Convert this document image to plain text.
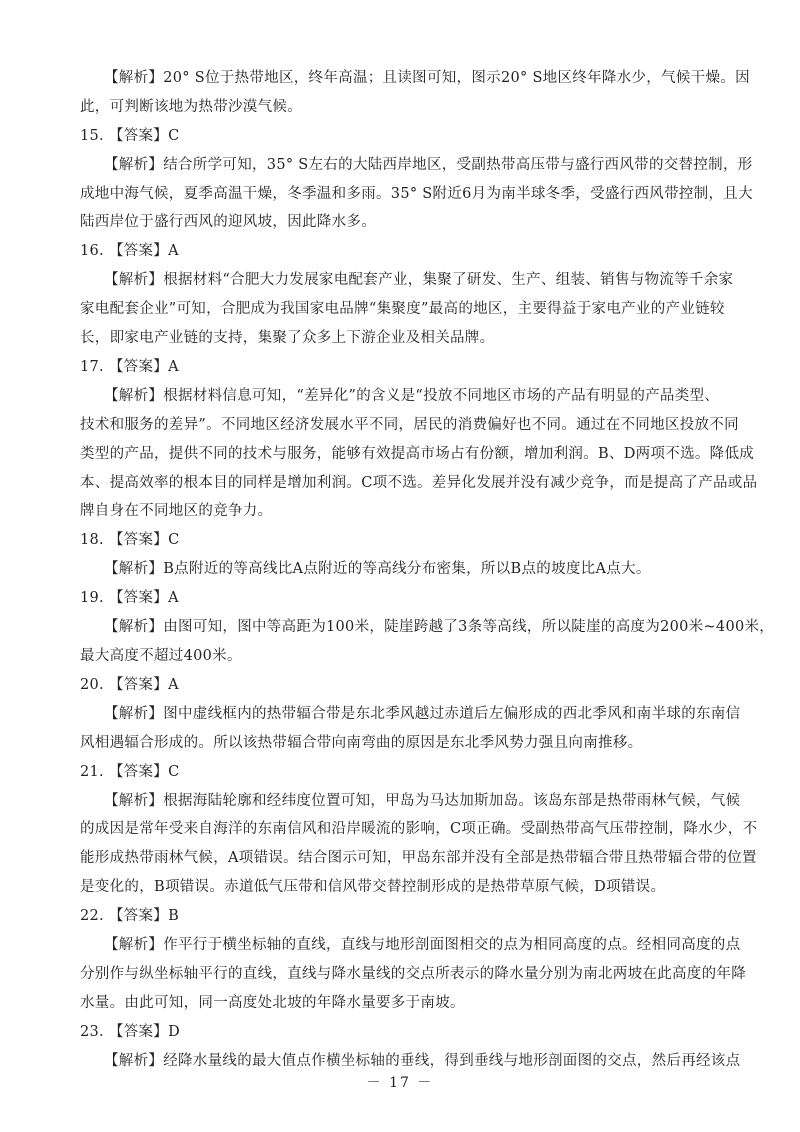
【解析】20° S位于热带地区，终年高温；且读图可知，图示20° S地区终年降水少，气候干燥。因
此，可判断该地为热带沙漠气候。
15. 【答案】C
【解析】结合所学可知，35° S左右的大陆西岸地区，受副热带高压带与盛行西风带的交替控制，形
成地中海气候，夏季高温干燥，冬季温和多雨。35° S附近6月为南半球冬季，受盛行西风带控制，且大
陆西岸位于盛行西风的迎风坡，因此降水多。
16. 【答案】A
【解析】根据材料“合肥大力发展家电配套产业，集聚了研发、生产、组装、销售与物流等千余家
家电配套企业”可知，合肥成为我国家电品牌“集聚度”最高的地区，主要得益于家电产业的产业链较
长，即家电产业链的支持，集聚了众多上下游企业及相关品牌。
17. 【答案】A
【解析】根据材料信息可知，“差异化”的含义是“投放不同地区市场的产品有明显的产品类型、
技术和服务的差异”。不同地区经济发展水平不同，居民的消费偏好也不同。通过在不同地区投放不同
类型的产品，提供不同的技术与服务，能够有效提高市场占有份额，增加利润。B、D两项不选。降低成
本、提高效率的根本目的同样是增加利润。C项不选。差异化发展并没有减少竞争，而是提高了产品或品
牌自身在不同地区的竞争力。
18. 【答案】C
【解析】B点附近的等高线比A点附近的等高线分布密集，所以B点的坡度比A点大。
19. 【答案】A
【解析】由图可知，图中等高距为100米，陡崖跨越了3条等高线，所以陡崖的高度为200米~400米，
最大高度不超过400米。
20. 【答案】A
【解析】图中虚线框内的热带辐合带是东北季风越过赤道后左偏形成的西北季风和南半球的东南信
风相遇辐合形成的。所以该热带辐合带向南弯曲的原因是东北季风势力强且向南推移。
21. 【答案】C
【解析】根据海陆轮廓和经纬度位置可知，甲岛为马达加斯加岛。该岛东部是热带雨林气候，气候
的成因是常年受来自海洋的东南信风和沿岸暖流的影响，C项正确。受副热带高气压带控制，降水少，不
能形成热带雨林气候，A项错误。结合图示可知，甲岛东部并没有全部是热带辐合带且热带辐合带的位置
是变化的，B项错误。赤道低气压带和信风带交替控制形成的是热带草原气候，D项错误。
22. 【答案】B
【解析】作平行于横坐标轴的直线，直线与地形剖面图相交的点为相同高度的点。经相同高度的点
分别作与纵坐标轴平行的直线，直线与降水量线的交点所表示的降水量分别为南北两坡在此高度的年降
水量。由此可知，同一高度处北坡的年降水量要多于南坡。
23. 【答案】D
【解析】经降水量线的最大值点作横坐标轴的垂线，得到垂线与地形剖面图的交点，然后再经该点
－ 17 －
